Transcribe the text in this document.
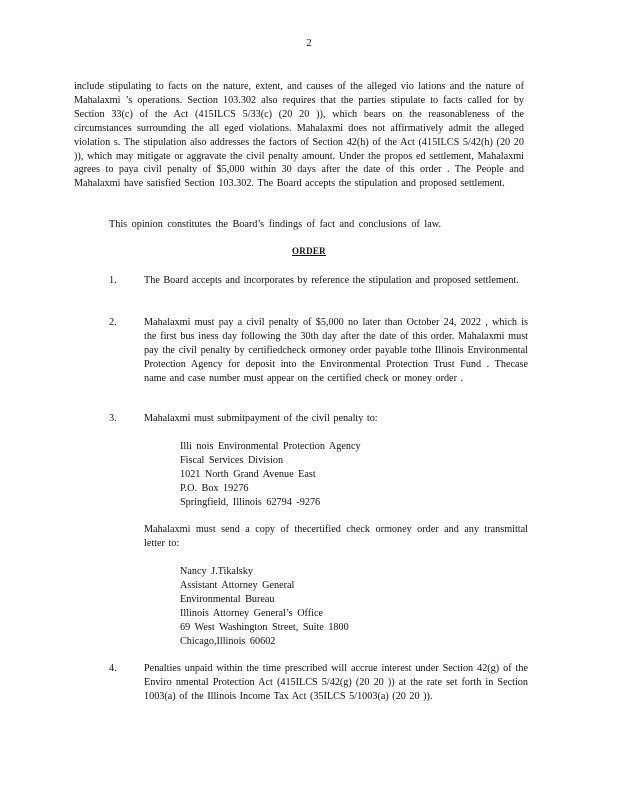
2

include stipulating to facts on the nature, extent, and causes of the alleged vio lations and the nature of Mahalaxmi ’s operations. Section 103.302 also requires that the parties stipulate to facts called for by Section 33(c) of the Act (415ILCS 5/33(c) (20 20 )), which bears on the reasonableness of the circumstances surrounding the all eged violations. Mahalaxmi does not affirmatively admit the alleged violation s. The stipulation also addresses the factors of Section 42(h) of the Act (415ILCS 5/42(h) (20 20 )), which may mitigate or aggravate the civil penalty amount. Under the propos ed settlement, Mahalaxmi agrees to paya civil penalty of $5,000 within 30 days after the date of this order . The People and Mahalaxmi have satisfied Section 103.302. The Board accepts the stipulation and proposed settlement.

This opinion constitutes the Board’s findings of fact and conclusions of law.

ORDER
1.	The Board accepts and incorporates by reference the stipulation and proposed settlement.
2.	Mahalaxmi must pay a civil penalty of $5,000 no later than October 24, 2022 , which is the first bus iness day following the 30th day after the date of this order. Mahalaxmi must pay the civil penalty by certifiedcheck ormoney order payable tothe Illinois Environmental Protection Agency for deposit into the Environmental Protection Trust Fund . Thecase name and case number must appear on the certified check or money order .
3.	Mahalaxmi must submitpayment of the civil penalty to:
Illi nois Environmental Protection Agency
Fiscal Services Division
1021 North Grand Avenue East
P.O. Box 19276
Springfield, Illinois 62794 -9276

Mahalaxmi must send a copy of thecertified check ormoney order and any transmittal letter to:

Nancy J.Tikalsky
Assistant Attorney General
Environmental Bureau
Illinois Attorney General’s Office
69 West Washington Street, Suite 1800
Chicago,Illinois 60602
4.	Penalties unpaid within the time prescribed will accrue interest under Section 42(g) of the Enviro nmental Protection Act (415ILCS 5/42(g) (20 20 )) at the rate set forth in Section 1003(a) of the Illinois Income Tax Act (35ILCS 5/1003(a) (20 20 )).
